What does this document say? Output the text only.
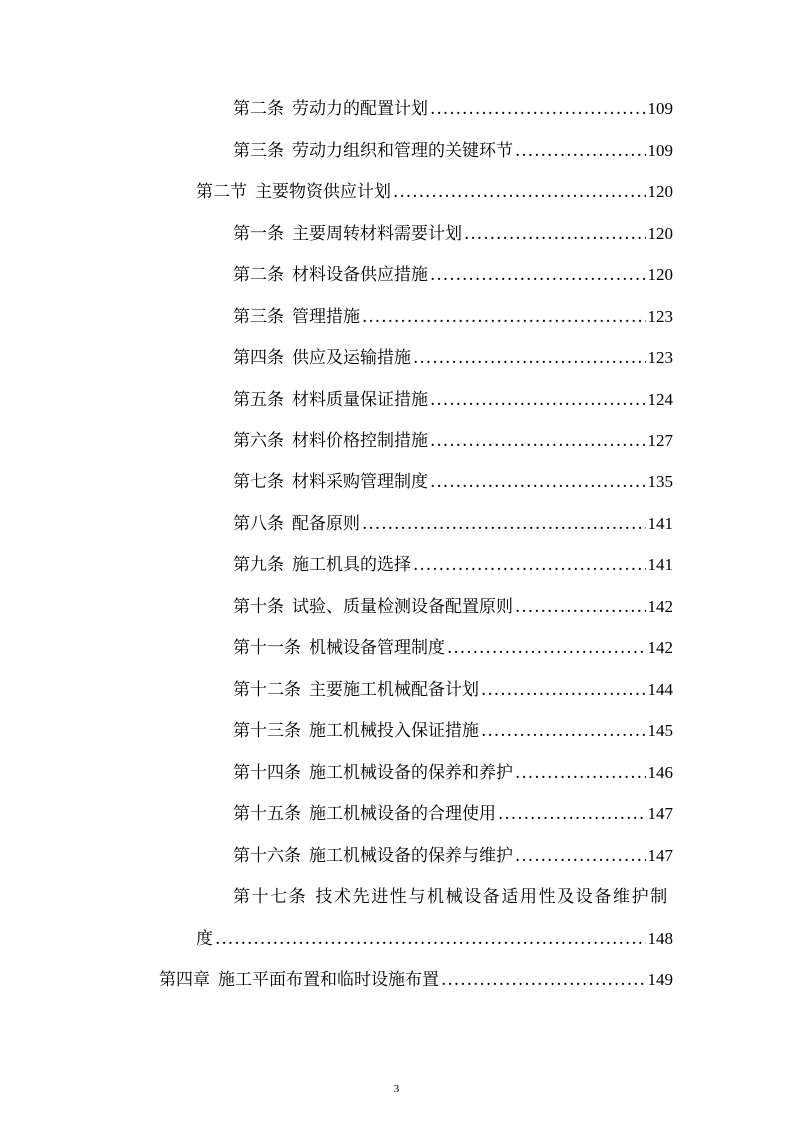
第二条 劳动力的配置计划 .....	109
第三条 劳动力组织和管理的关键环节 .....	109
第二节 主要物资供应计划 .....	120
第一条 主要周转材料需要计划 .....	120
第二条 材料设备供应措施 .....	120
第三条 管理措施 .....	123
第四条 供应及运输措施 .....	123
第五条 材料质量保证措施 .....	124
第六条 材料价格控制措施 .....	127
第七条 材料采购管理制度 .....	135
第八条 配备原则 .....	141
第九条 施工机具的选择 .....	141
第十条 试验、质量检测设备配置原则 .....	142
第十一条 机械设备管理制度 .....	142
第十二条 主要施工机械配备计划 .....	144
第十三条 施工机械投入保证措施 .....	145
第十四条 施工机械设备的保养和养护 .....	146
第十五条 施工机械设备的合理使用 .....	147
第十六条 施工机械设备的保养与维护 .....	147
第十七条 技术先进性与机械设备适用性及设备维护制
度 .....	148
第四章 施工平面布置和临时设施布置 .....	149
3
